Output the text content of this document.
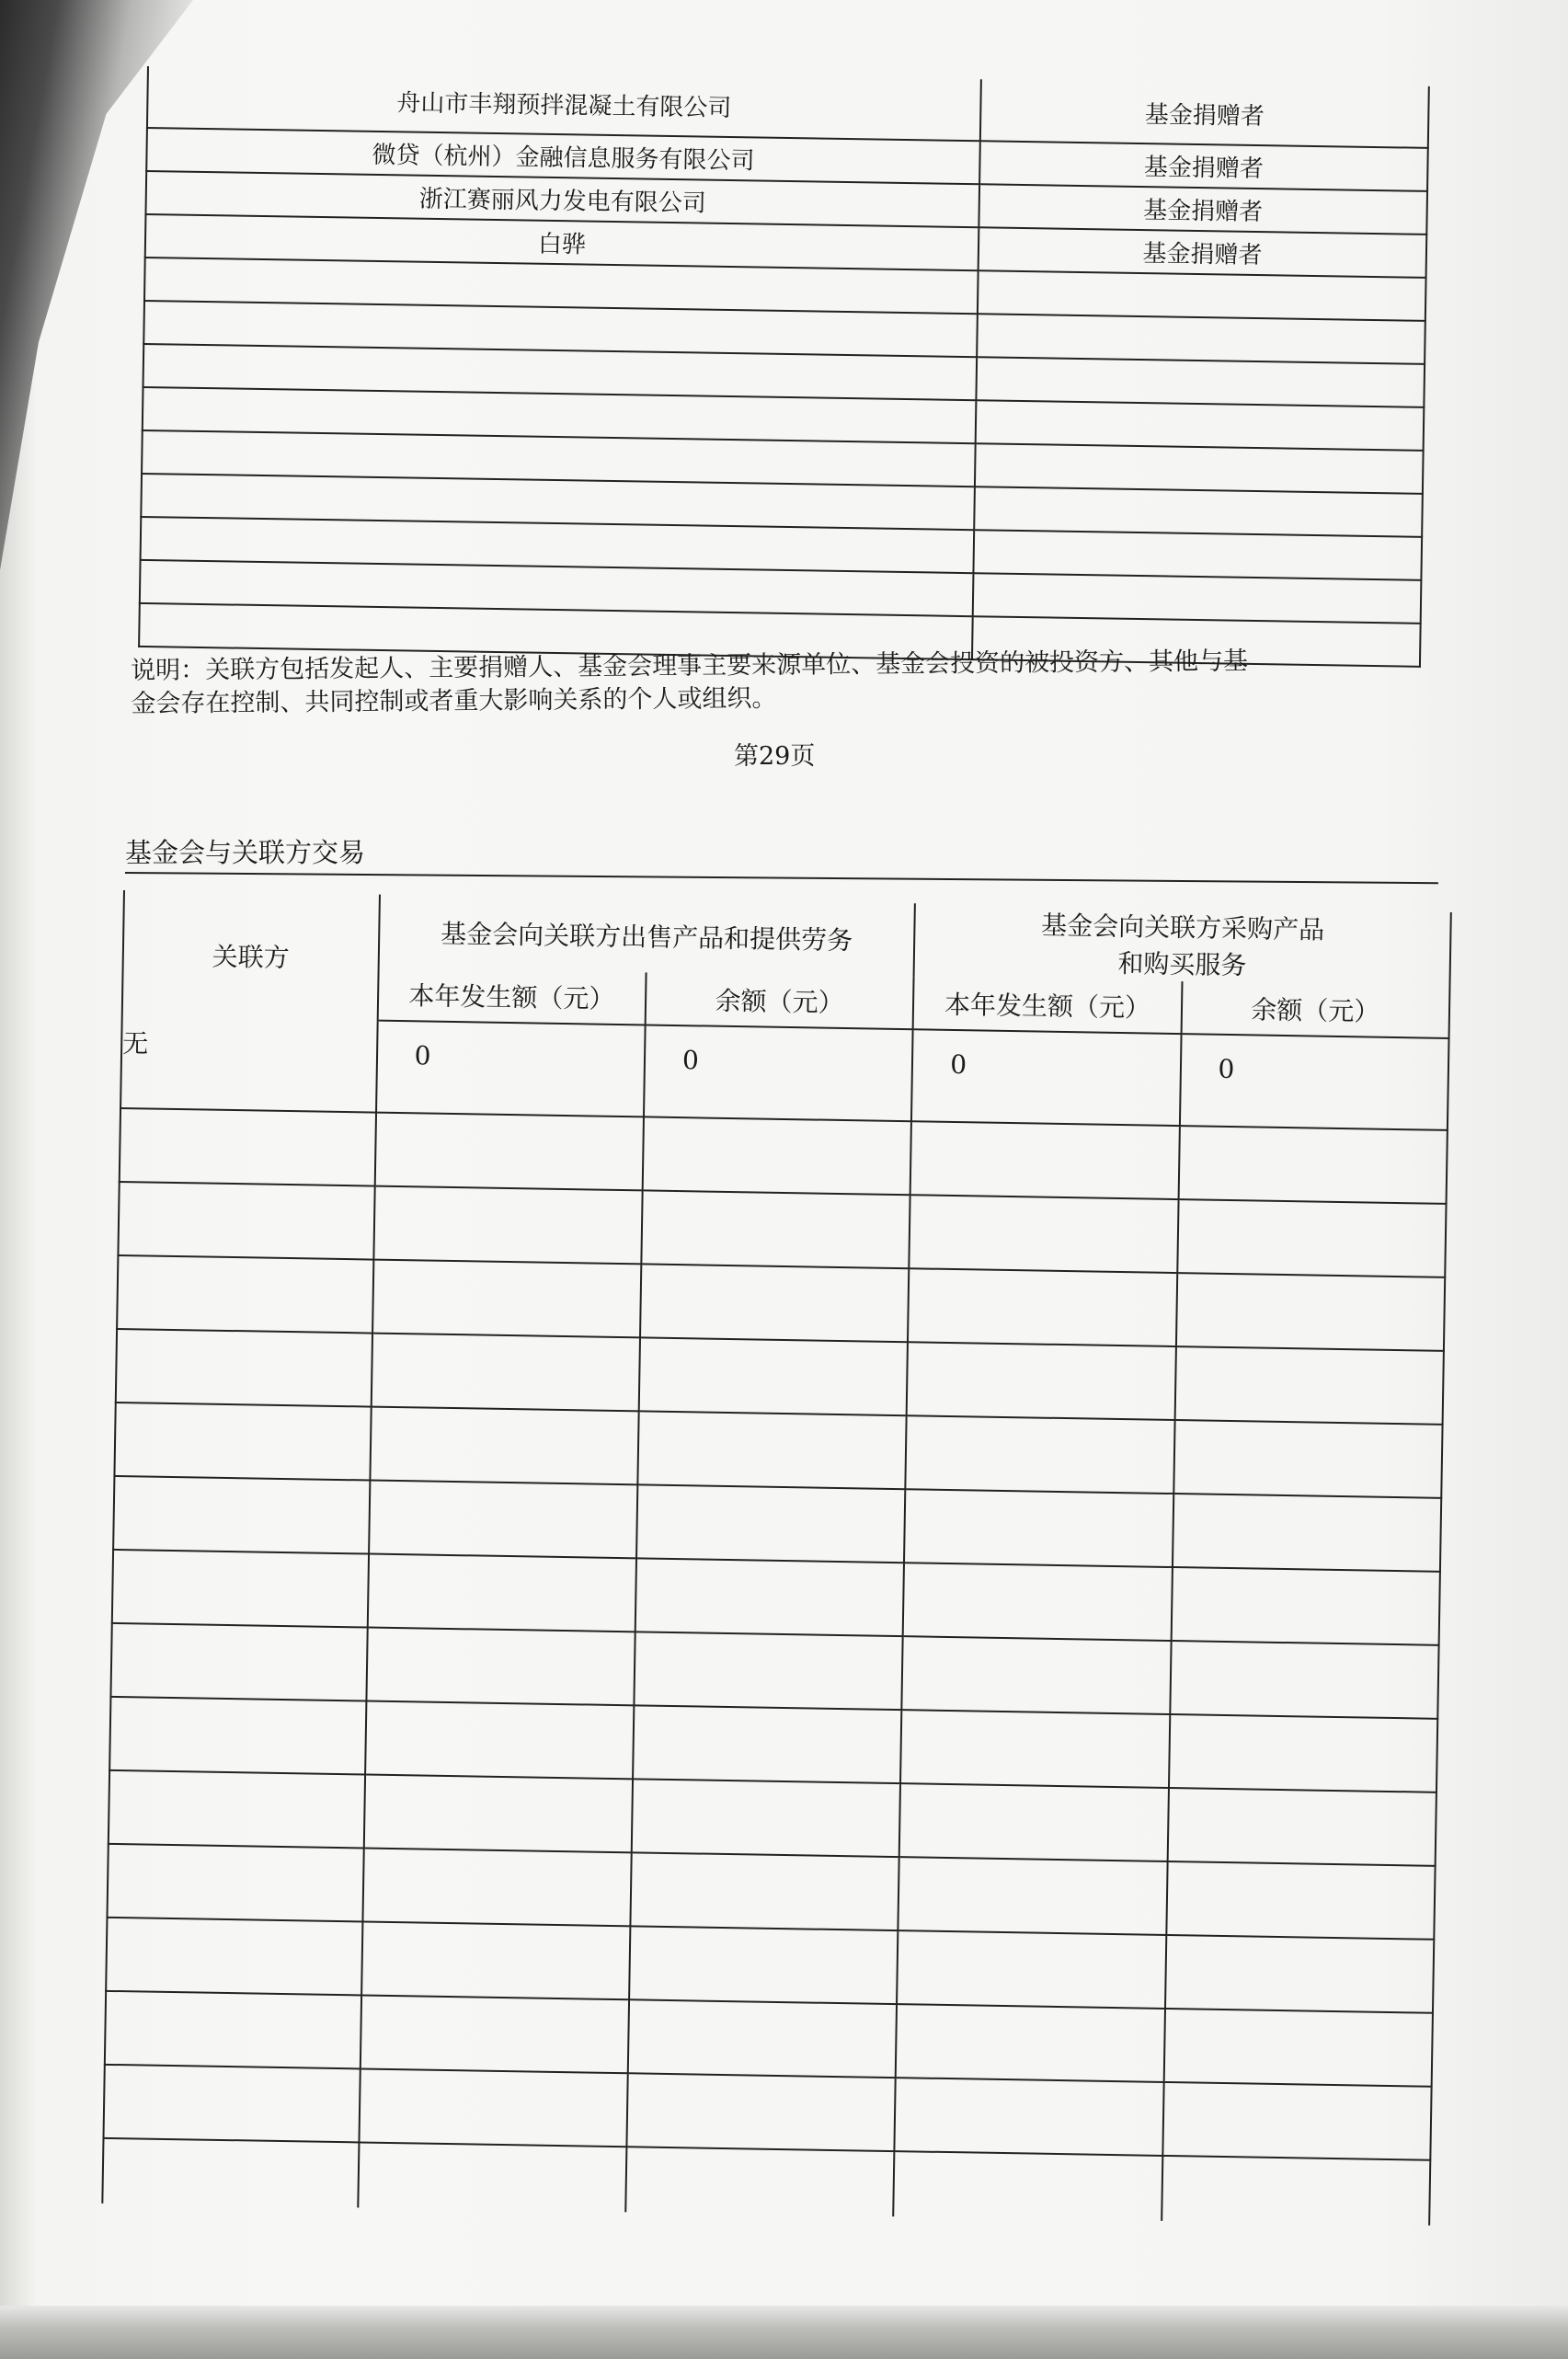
舟山市丰翔预拌混凝土有限公司	基金捐赠者
微贷（杭州）金融信息服务有限公司	基金捐赠者
浙江赛丽风力发电有限公司	基金捐赠者
白骅	基金捐赠者

说明：关联方包括发起人、主要捐赠人、基金会理事主要来源单位、基金会投资的被投资方、其他与基
金会存在控制、共同控制或者重大影响关系的个人或组织。
第29页
基金会与关联方交易
关联方	基金会向关联方出售产品和提供劳务		基金会向关联方采购产品
和购买服务	
	本年发生额（元）	余额（元）	本年发生额（元）	余额（元）
无	0	0	0	0
